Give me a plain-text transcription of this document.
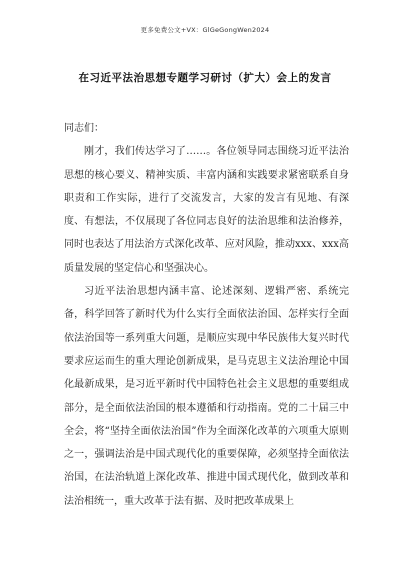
更多免费公文+VX：GlGeGongWen2024
在习近平法治思想专题学习研讨（扩大）会上的发言

同志们：

刚才，我们传达学习了……。各位领导同志围绕习近平法治思想的核心要义、精神实质、丰富内涵和实践要求紧密联系自身职责和工作实际，进行了交流发言，大家的发言有见地、有深度、有想法，不仅展现了各位同志良好的法治思维和法治修养，同时也表达了用法治方式深化改革、应对风险，推动xxx、xxx高质量发展的坚定信心和坚强决心。

习近平法治思想内涵丰富、论述深刻、逻辑严密、系统完备，科学回答了新时代为什么实行全面依法治国、怎样实行全面依法治国等一系列重大问题，是顺应实现中华民族伟大复兴时代要求应运而生的重大理论创新成果，是马克思主义法治理论中国化最新成果，是习近平新时代中国特色社会主义思想的重要组成部分，是全面依法治国的根本遵循和行动指南。党的二十届三中全会，将“坚持全面依法治国”作为全面深化改革的六项重大原则之一，强调法治是中国式现代化的重要保障，必须坚持全面依法治国，在法治轨道上深化改革、推进中国式现代化，做到改革和法治相统一，重大改革于法有据、及时把改革成果上
